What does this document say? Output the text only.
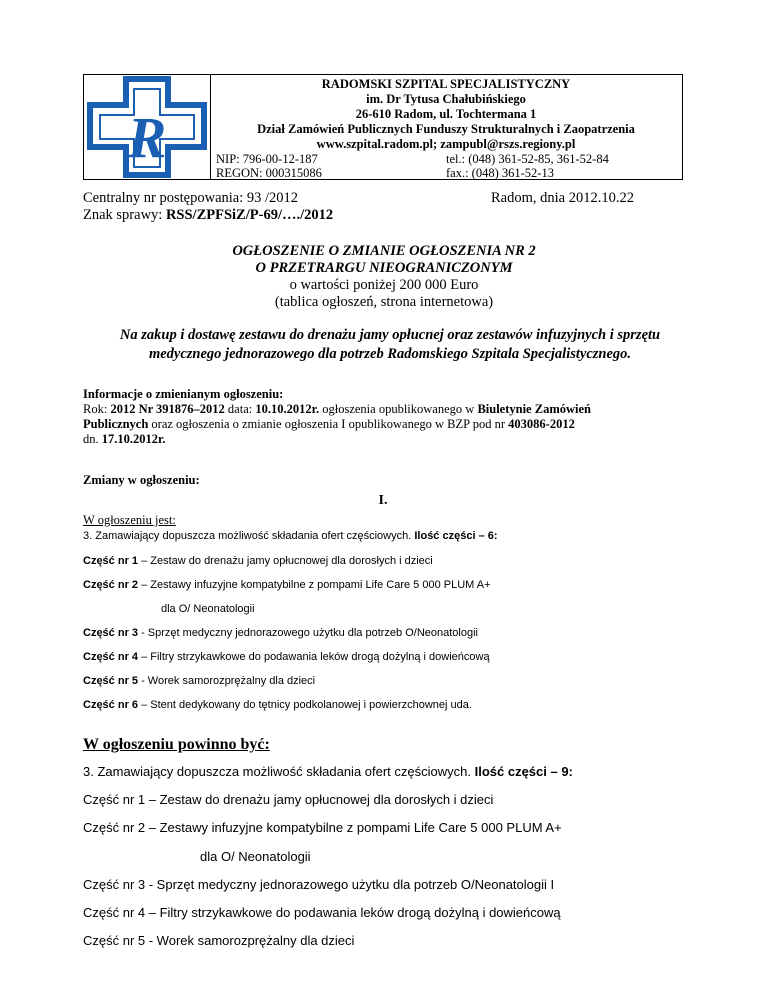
R
RADOMSKI SZPITAL SPECJALISTYCZNY
im. Dr Tytusa Chałubińskiego
26-610 Radom, ul. Tochtermana 1
Dział Zamówień Publicznych Funduszy Strukturalnych i Zaopatrzenia
www.szpital.radom.pl; zampubl@rszs.regiony.pl
NIP: 796-00-12-187	tel.: (048) 361-52-85, 361-52-84
REGON: 000315086	fax.: (048) 361-52-13
Centralny nr postępowania: 93 /2012
Znak sprawy: RSS/ZPFSiZ/P-69/…./2012
Radom, dnia 2012.10.22
OGŁOSZENIE O ZMIANIE OGŁOSZENIA NR 2
O PRZETRARGU NIEOGRANICZONYM
o wartości poniżej 200 000 Euro
(tablica ogłoszeń, strona internetowa)
Na zakup i dostawę zestawu do drenażu jamy opłucnej oraz zestawów infuzyjnych i sprzętu
medycznego jednorazowego dla potrzeb Radomskiego Szpitala Specjalistycznego.
Informacje o zmienianym ogłoszeniu:
Rok: 2012 Nr 391876–2012 data: 10.10.2012r. ogłoszenia opublikowanego w Biuletynie Zamówień
Publicznych oraz ogłoszenia o zmianie ogłoszenia I opublikowanego w BZP pod nr 403086-2012
dn. 17.10.2012r.
Zmiany w ogłoszeniu:
I.
W ogłoszeniu jest:
3. Zamawiający dopuszcza możliwość składania ofert częściowych. Ilość części – 6:
Część nr 1 – Zestaw do drenażu jamy opłucnowej dla dorosłych i dzieci
Część nr 2 – Zestawy infuzyjne kompatybilne z pompami Life Care 5 000 PLUM A+
dla O/ Neonatologii
Część nr 3 - Sprzęt medyczny jednorazowego użytku dla potrzeb O/Neonatologii
Część nr 4 – Filtry strzykawkowe do podawania leków drogą dożylną i dowieńcową
Część nr 5 - Worek samorozprężalny dla dzieci
Część nr 6 – Stent dedykowany do tętnicy podkolanowej i powierzchownej uda.
W ogłoszeniu powinno być:
3. Zamawiający dopuszcza możliwość składania ofert częściowych. Ilość części – 9:
Część nr 1 – Zestaw do drenażu jamy opłucnowej dla dorosłych i dzieci
Część nr 2 – Zestawy infuzyjne kompatybilne z pompami Life Care 5 000 PLUM A+
dla O/ Neonatologii
Część nr 3 - Sprzęt medyczny jednorazowego użytku dla potrzeb O/Neonatologii I
Część nr 4 – Filtry strzykawkowe do podawania leków drogą dożylną i dowieńcową
Część nr 5 - Worek samorozprężalny dla dzieci
